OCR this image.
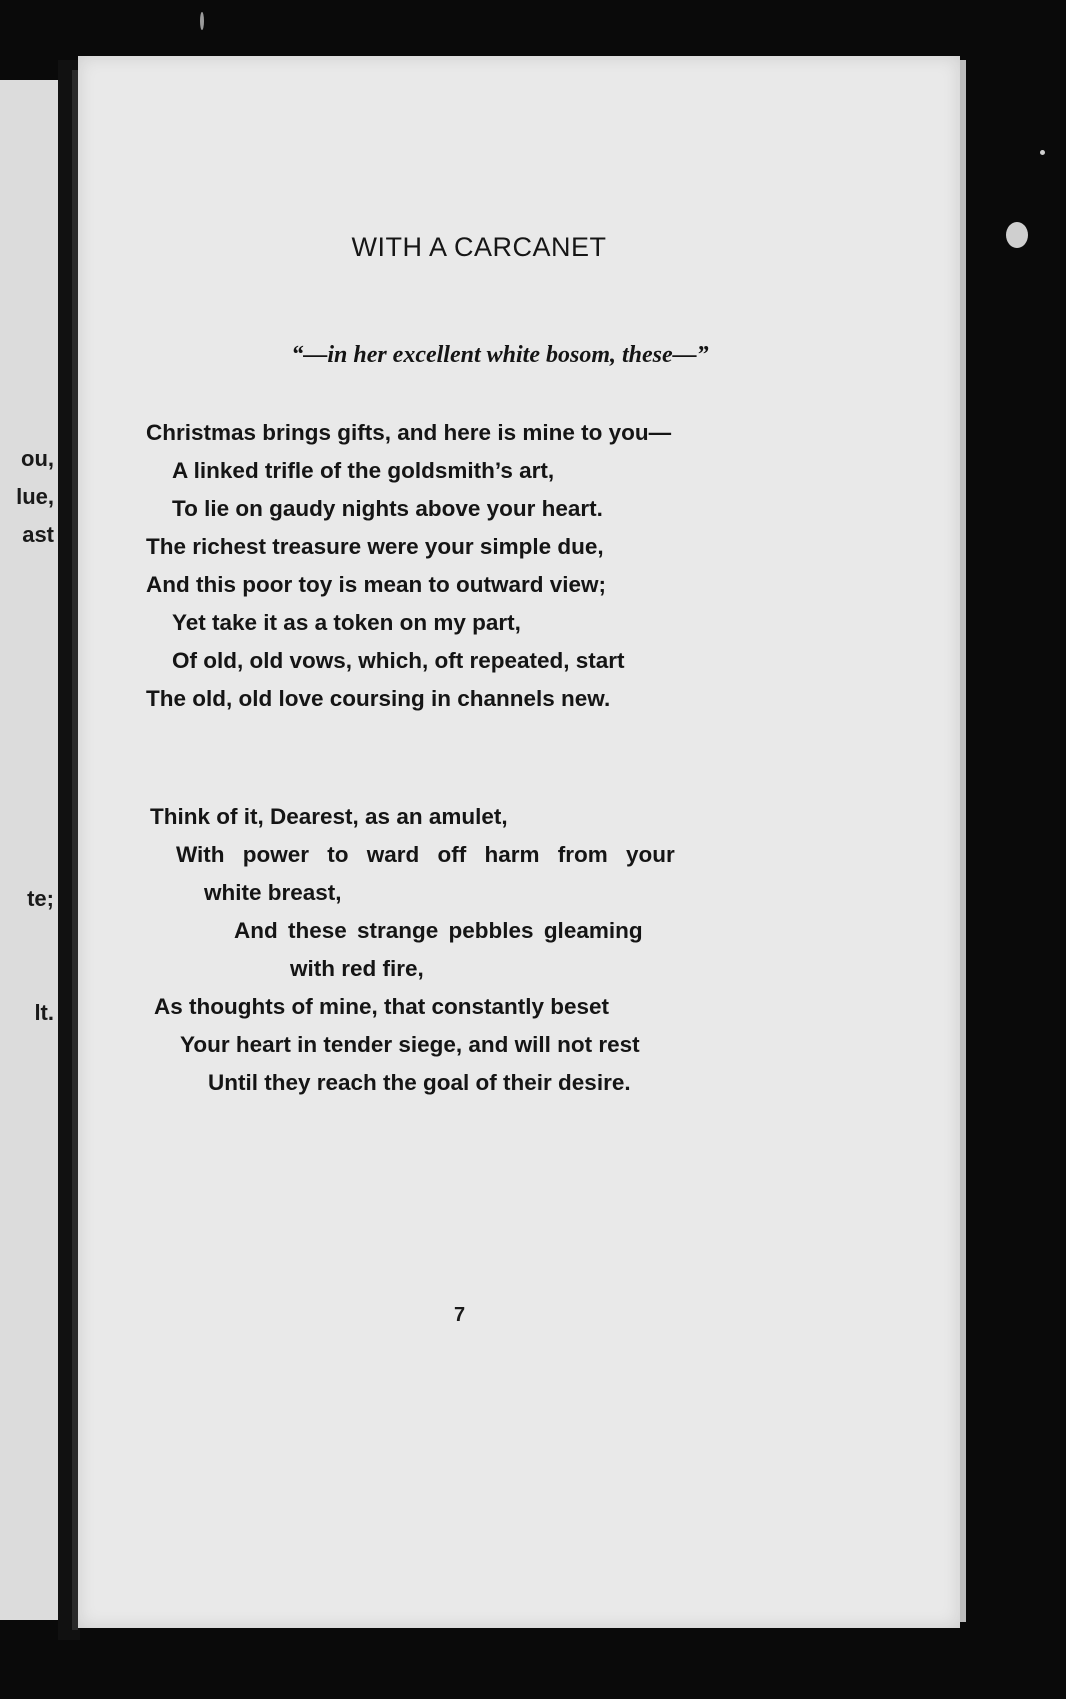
ou,
lue,
ast
te;
lt.
WITH A CARCANET
“—in her excellent white bosom, these—”
Christmas brings gifts, and here is mine to you—
A linked trifle of the goldsmith’s art,
To lie on gaudy nights above your heart.
The richest treasure were your simple due,
And this poor toy is mean to outward view;
Yet take it as a token on my part,
Of old, old vows, which, oft repeated, start
The old, old love coursing in channels new.
Think of it, Dearest, as an amulet,
With power to ward off harm from your
white breast,
And these strange pebbles gleaming
with red fire,
As thoughts of mine, that constantly beset
Your heart in tender siege, and will not rest
Until they reach the goal of their desire.
7
